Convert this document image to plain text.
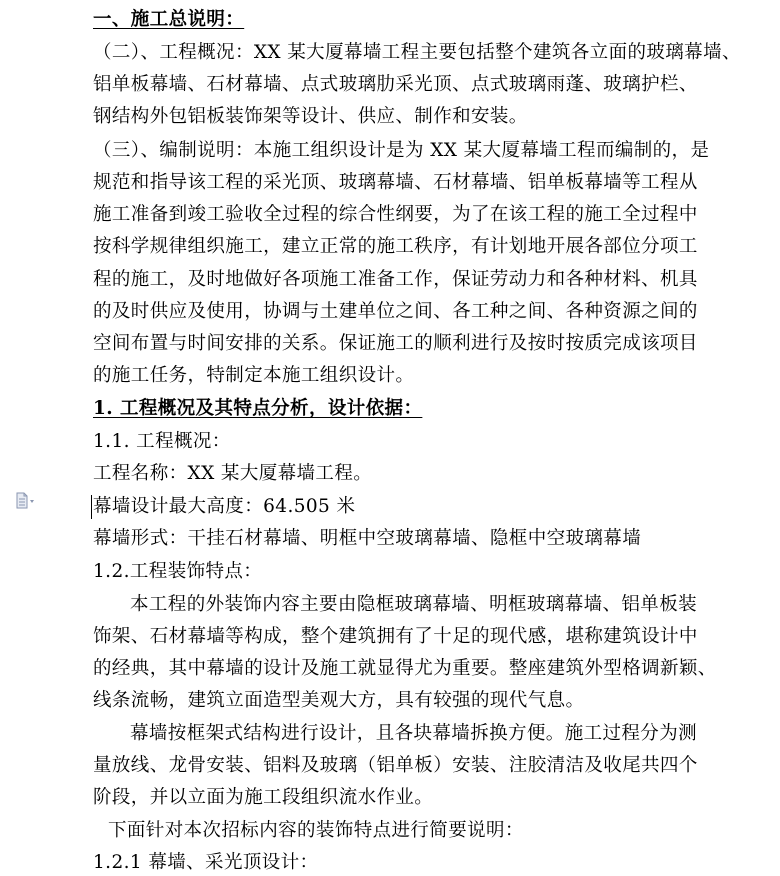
一、施工总说明：
（二）、工程概况：XX 某大厦幕墙工程主要包括整个建筑各立面的玻璃幕墙、
铝单板幕墙、石材幕墙、点式玻璃肋采光顶、点式玻璃雨蓬、玻璃护栏、
钢结构外包铝板装饰架等设计、供应、制作和安装。
（三）、编制说明：本施工组织设计是为 XX 某大厦幕墙工程而编制的，是
规范和指导该工程的采光顶、玻璃幕墙、石材幕墙、铝单板幕墙等工程从
施工准备到竣工验收全过程的综合性纲要，为了在该工程的施工全过程中
按科学规律组织施工，建立正常的施工秩序，有计划地开展各部位分项工
程的施工，及时地做好各项施工准备工作，保证劳动力和各种材料、机具
的及时供应及使用，协调与土建单位之间、各工种之间、各种资源之间的
空间布置与时间安排的关系。保证施工的顺利进行及按时按质完成该项目
的施工任务，特制定本施工组织设计。
1. 工程概况及其特点分析，设计依据：
1.1. 工程概况：
工程名称：XX 某大厦幕墙工程。
幕墙设计最大高度：64.505 米
幕墙形式：干挂石材幕墙、明框中空玻璃幕墙、隐框中空玻璃幕墙
1.2.工程装饰特点：
本工程的外装饰内容主要由隐框玻璃幕墙、明框玻璃幕墙、铝单板装
饰架、石材幕墙等构成，整个建筑拥有了十足的现代感，堪称建筑设计中
的经典，其中幕墙的设计及施工就显得尤为重要。整座建筑外型格调新颖、
线条流畅，建筑立面造型美观大方，具有较强的现代气息。
幕墙按框架式结构进行设计，且各块幕墙拆换方便。施工过程分为测
量放线、龙骨安装、铝料及玻璃（铝单板）安装、注胶清洁及收尾共四个
阶段，并以立面为施工段组织流水作业。
下面针对本次招标内容的装饰特点进行简要说明：
1.2.1 幕墙、采光顶设计：
